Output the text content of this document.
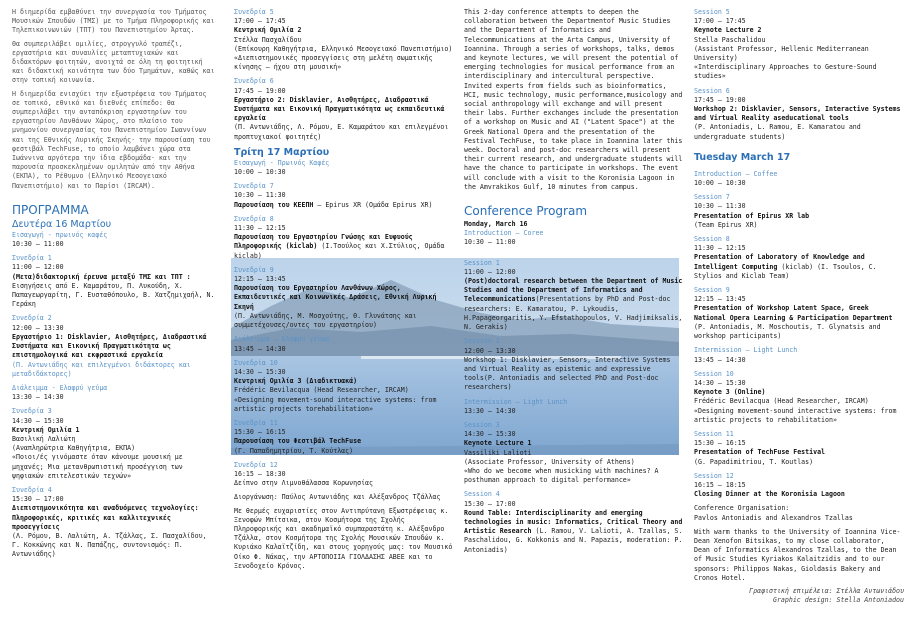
Η διημερίδα εμβαθύνει την συνεργασία του Τμήματος Μουσικών Σπουδών (ΤΜΣ) με το Τμήμα Πληροφορικής και Τηλεπικοινωνιών (ΤΠΤ) του Πανεπιστημίου Άρτας.

Θα συμπεριλάβει ομιλίες, στρογγυλό τραπέζι, εργαστήρια και συναυλίες μεταπτυχιακών και διδακτόρων φοιτητών, ανοιχτά σε όλη τη φοιτητική και διδακτική κοινότητα των δύο Τμημάτων, καθώς και στην τοπική κοινωνία.

Η διημερίδα ενισχύει την εξωστρέφεια του Τμήματος σε τοπικό, εθνικό και διεθνές επίπεδο: θα συμπεριλάβει την ανταπόκριση εργαστηρίων του εργαστηρίου Λανθάνων Χώρος, στο πλαίσιο του μνημονίου συνεργασίας του Πανεπιστημίου Ιωαννίνων και της Εθνικής Λυρικής Σκηνής· την παρουσίαση του φεστιβάλ TechFuse, το οποίο λαμβάνει χώρα στα Ιωάννινα αργότερα την ίδια εβδομάδα· και την παρουσία προσκεκλημένων ομιλητών από την Αθήνα (ΕΚΠΑ), το Ρέθυμνο (Ελληνικό Μεσογειακό Πανεπιστήμιο) και το Παρίσι (IRCAM).

ΠΡΟΓΡΑΜΜΑ
Δευτέρα 16 Μαρτίου
Εισαγωγή - πρωινός καφές
10:30 – 11:00
Συνεδρία 1
11:00 – 12:00
(Μετα)διδακτορική έρευνα μεταξύ ΤΜΣ και ΤΠΤ :
Εισηγήσεις από Ε. Καμαράτου, Π. Λυκούδη, Χ. Παπαγεωργαρίτη, Γ. Ευσταθόπουλο, Β. Χατζημιχαήλ, Ν. Γεράκη
Συνεδρία 2
12:00 – 13:30
Εργαστήριο 1: Disklavier, Αισθητήρες, Διαδραστικά Συστήματα και Εικονική Πραγματικότητα ως επιστημολογικά και εκφραστικά εργαλεία
(Π. Αντωνιάδης και επιλεγμένοι διδάκτορες και μεταδιδάκτορες)
Διάλειμμα - Ελαφρύ γεύμα
13:30 – 14:30
Συνεδρία 3
14:30 – 15:30
Κεντρική Ομιλία 1
Βασιλική Λαλιώτη
(Αναπληρώτρια Καθηγήτρια, ΕΚΠΑ)
«Ποιοι/ές γινόμαστε όταν κάνουμε μουσική με μηχανές; Μια μετανθρωπιστική προσέγγιση των ψηφιακών επιτελεστικών τεχνών»
Συνεδρία 4
15:30 – 17:00
Διεπιστημονικότητα και αναδυόμενες τεχνολογίες: Πληροφορικές, κριτικές και καλλιτεχνικές προσεγγίσεις
(Λ. Ρόμου, Β. Λαλιώτη, Α. Τζάλλας, Σ. Πασχαλίδου, Γ. Κοκκώνης και Ν. Παπάζης, συντονισμός: Π. Αντωνιάδης)
Συνεδρία 5
17:00 – 17:45
Κεντρική Ομιλία 2
Στέλλα Πασχαλίδου
(Επίκουρη Καθηγήτρια, Ελληνικό Μεσογειακό Πανεπιστήμιο)
«Διεπιστημονικές προσεγγίσεις στη μελέτη σωματικής κίνησης – ήχου στη μουσική»
Συνεδρία 6
17:45 – 19:00
Εργαστήριο 2: Disklavier, Αισθητήρες, Διαδραστικά Συστήματα και Εικονική Πραγματικότητα ως εκπαιδευτικά εργαλεία
(Π. Αντωνιάδης, Λ. Ρόμου, Ε. Καμαράτου και επιλεγμένοι προπτυχιακοί φοιτητές)
Τρίτη 17 Μαρτίου
Εισαγωγή - Πρωινός Καφές
10:00 – 10:30
Συνεδρία 7
10:30 – 11:30
Παρουσίαση του ΚΕΕΠΗ – Epirus XR (Ομάδα Epirus XR)
Συνεδρία 8
11:30 – 12:15
Παρουσίαση του Εργαστηρίου Γνώσης και Ευφυούς Πληροφορικής (kiclab) (Ι.Τσούλος και Χ.Στύλιος, Ομάδα kiclab)
Συνεδρία 9
12:15 – 13:45
Παρουσίαση του Εργαστηρίου Λανθάνων Χώρος, Εκπαιδευτικές και Κοινωνικές Δράσεις, Εθνική Λυρική Σκηνή
(Π. Αντωνιάδης, Μ. Μοσχούτης, Θ. Γλυνάτσης και συμμετέχουσες/οντες του εργαστηρίου)
Διάλειμμα – Ελαφρύ γεύμα
13:45 – 14:30
Συνεδρία 10
14:30 – 15:30
Κεντρική Ομιλία 3 (Διαδικτυακά)
Frédéric Bevilacqua (Head Researcher, IRCAM)
«Designing movement-sound interactive systems: from artistic projects torehabilitation»
Συνεδρία 11
15:30 – 16:15
Παρουσίαση του Φεστιβάλ TechFuse
(Γ. Παπαδημητρίου, Τ. Κούτλας)
Συνεδρία 12
16:15 – 18:30
Δείπνο στην Λιμνοθάλασσα Κορωνησίας

Διοργάνωση: Παύλος Αντωνιάδης και Αλέξανδρος Τζάλλας

Με θερμές ευχαριστίες στον Αντιπρύτανη Εξωστρέφειας κ. Ξενοφών Μπίτσικα, στον Κοσμήτορα της Σχολής Πληροφορικής και ακαδημαϊκό συμπαραστάτη κ. Αλέξανδρο Τζάλλα, στον Κοσμήτορα της Σχολής Μουσικών Σπουδών κ. Κυριάκο Καλαϊτζίδη, και στους χορηγούς μας: τον Μουσικό Οίκο Φ. Νάκας, την ΑΡΤΟΠΟΙΙΑ ΓΙΟΛΔΑΣΗΣ ΑΒΕΕ και το Ξενοδοχείο Κρόνος.

This 2-day conference attempts to deepen the collaboration between the Departmentof Music Studies and the Department of Informatics and Telecommunications at the Arta Campus, University of Ioannina. Through a series of workshops, talks, demos and keynote lectures, we will present the potential of emerging technologies for musical performance from an interdisciplinary and intercultural perspective. Invited experts from fields such as bioinformatics, HCI, music technology, music performance,musicology and social anthropology will exchange and will present their labs. Further exchanges include the presentation of a workshop on Music and AI ("Latent Space") at the Greek National Opera and the presentation of the Festival TechFuse, to take place in Ioannina later this week. Doctoral and post-doc researchers will present their current research, and undergraduate students will have the chance to participate in workshops. The event will conclude with a visit to the Koronisia Lagoon in the Amvrakikos Gulf, 10 minutes from campus.

Conference Program
Monday, March 16
Introduction – Coree
10:30 – 11:00
Session 1
11:00 – 12:00
(Post)doctoral research between the Department of Music Studies and the Department of Informatics and Telecommunications(Presentations by PhD and Post-doc researchers: E. Kamaratou, P. Lykoudis, H.Papageorgaritis, Y. Efstathopoulos, V. Hadjimiksalis, N. Gerakis)
Session 2
12:00 – 13:30
Workshop 1: Disklavier, Sensors, Interactive Systems and Virtual Reality as epistemic and expressive tools(P. Antoniadis and selected PhD and Post-doc researchers)
Intermission – Light Lunch
13:30 – 14:30
Session 3
14:30 – 15:30
Keynote Lecture 1
Vassiliki Lalioti
(Associate Professor, University of Athens)
«Who do we become when musicking with machines? A posthuman approach to digital performance»
Session 4
15:30 – 17:00
Round Table: Interdisciplinarity and emerging technologies in music: Informatics, Critical Theory and Artistic Research (L. Ramou, V. Lalioti, A. Tzallas, S. Paschalidou, G. Kokkonis and N. Papazis, moderation: P. Antoniadis)
Session 5
17:00 – 17:45
Keynote Lecture 2
Stella Paschalidou
(Assistant Professor, Hellenic Mediterranean University)
«Interdisciplinary Approaches to Gesture-Sound studies»
Session 6
17:45 – 19:00
Workshop 2: Disklavier, Sensors, Interactive Systems and Virtual Reality aseducational tools
(P. Antoniadis, L. Ramou, E. Kamaratou and undergraduate students)
Tuesday March 17
Introduction – Coffee
10:00 – 10:30
Session 7
10:30 – 11:30
Presentation of Epirus XR lab
(Team Epirus XR)
Session 8
11:30 – 12:15
Presentation of Laboratory of Knowledge and Intelligent Computing (kiclab) (I. Tsoulos, C. Stylios and Kiclab Team)
Session 9
12:15 – 13:45
Presentation of Workshop Latent Space, Greek National Opera Learning & Participation Department
(P. Antoniadis, M. Moschoutis, T. Glynatsis and workshop participants)
Intermission – Light Lunch
13:45 – 14:30
Session 10
14:30 – 15:30
Keynote 3 (Online)
Frédéric Bevilacqua (Head Researcher, IRCAM)
«Designing movement-sound interactive systems: from artistic projects to rehabilitation»
Session 11
15:30 – 16:15
Presentation of TechFuse Festival
(G. Papadimitriou, T. Koutlas)
Session 12
16:15 – 18:15
Closing Dinner at the Koronisia Lagoon
Conference Organisation:
Pavlos Antoniadis and Alexandros Tzallas

With warm thanks to the University of Ioannina Vice-Dean Xenofon Bitsikas, to my close collaborator, Dean of Informatics Alexandros Tzallas, to the Dean of Music Studies Kyriakos Kalaitzidis and to our sponsors: Philippos Nakas, Gioldasis Bakery and Cronos Hotel.

Γραφιστική επιμέλεια: Στέλλα Αντωνιάδου
Graphic design: Stella Antoniadou
